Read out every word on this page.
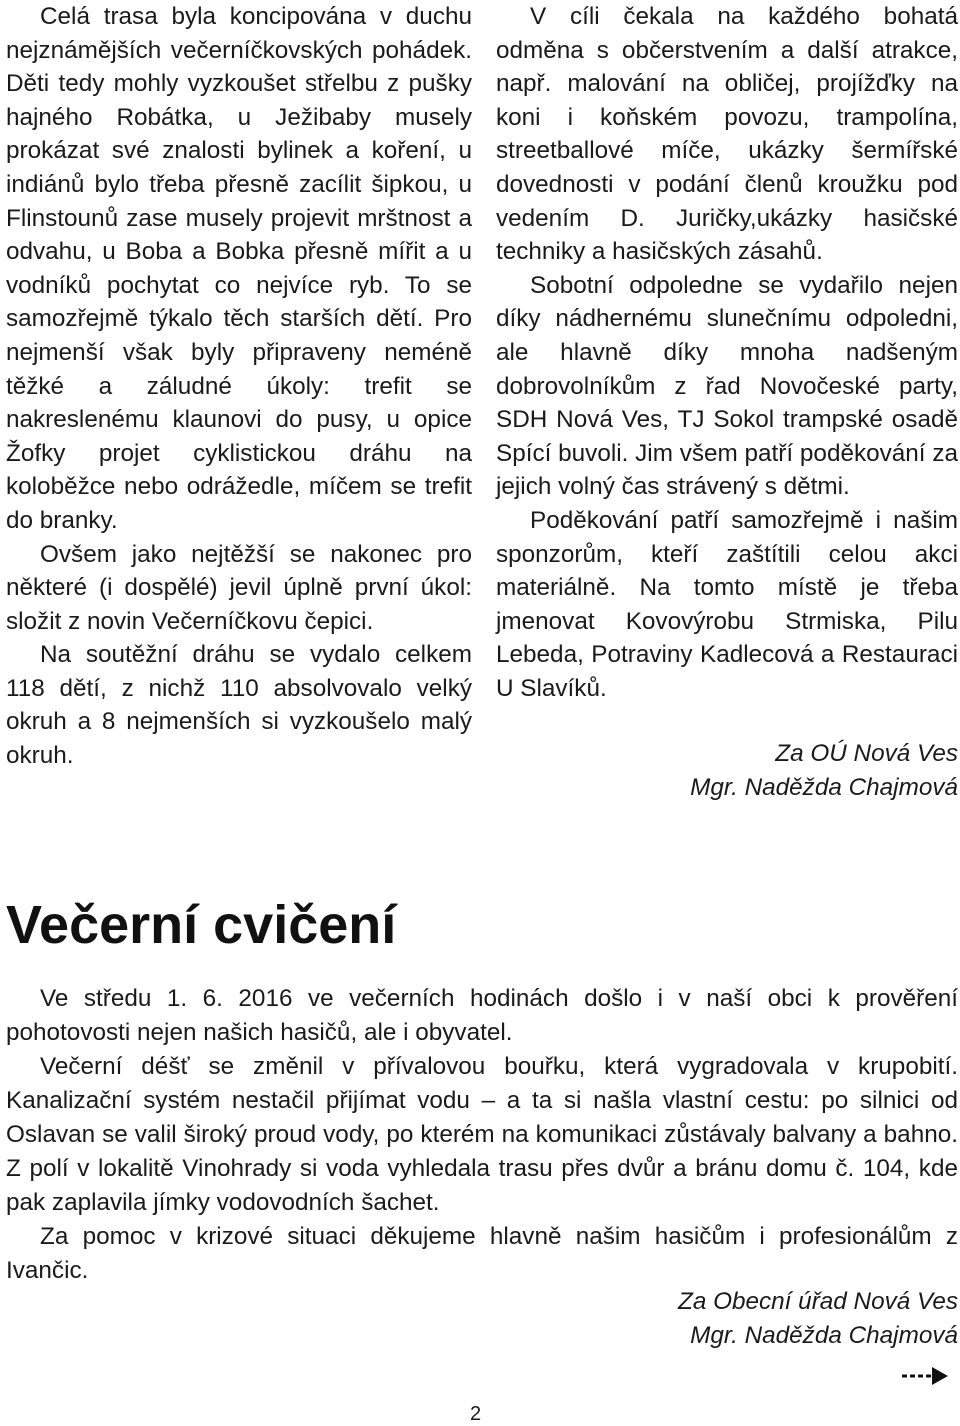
Celá trasa byla koncipována v duchu nejznámějších večerníčkovských pohádek. Děti tedy mohly vyzkoušet střelbu z pušky hajného Robátka, u Ježibaby musely prokázat své znalosti bylinek a koření, u indiánů bylo třeba přesně zacílit šipkou, u Flinstounů zase musely projevit mrštnost a odvahu, u Boba a Bobka přesně mířit a u vodníků pochytat co nejvíce ryb. To se samozřejmě týkalo těch starších dětí. Pro nejmenší však byly připraveny neméně těžké a záludné úkoly: trefit se nakreslenému klaunovi do pusy, u opice Žofky projet cyklistickou dráhu na koloběžce nebo odrážedle, míčem se trefit do branky.

Ovšem jako nejtěžší se nakonec pro některé (i dospělé) jevil úplně první úkol: složit z novin Večerníčkovu čepici.

Na soutěžní dráhu se vydalo celkem 118 dětí, z nichž 110 absolvovalo velký okruh a 8 nejmenších si vyzkoušelo malý okruh.

V cíli čekala na každého bohatá odměna s občerstvením a další atrakce, např. malování na obličej, projížďky na koni i koňském povozu, trampolína, streetballové míče, ukázky šermířské dovednosti v podání členů kroužku pod vedením D. Juričky,ukázky hasičské techniky a hasičských zásahů.

Sobotní odpoledne se vydařilo nejen díky nádhernému slunečnímu odpoledni, ale hlavně díky mnoha nadšeným dobrovolníkům z řad Novočeské party, SDH Nová Ves, TJ Sokol trampské osadě Spící buvoli. Jim všem patří poděkování za jejich volný čas strávený s dětmi.

Poděkování patří samozřejmě i našim sponzorům, kteří zaštítili celou akci materiálně. Na tomto místě je třeba jmenovat Kovovýrobu Strmiska, Pilu Lebeda, Potraviny Kadlecová a Restauraci U Slavíků.

Za OÚ Nová Ves
Mgr. Naděžda Chajmová
Večerní cvičení

Ve středu 1. 6. 2016 ve večerních hodinách došlo i v naší obci k prověření pohotovosti nejen našich hasičů, ale i obyvatel.

Večerní déšť se změnil v přívalovou bouřku, která vygradovala v krupobití. Kanalizační systém nestačil přijímat vodu – a ta si našla vlastní cestu: po silnici od Oslavan se valil široký proud vody, po kterém na komunikaci zůstávaly balvany a bahno. Z polí v lokalitě Vinohrady si voda vyhledala trasu přes dvůr a bránu domu č. 104, kde pak zaplavila jímky vodovodních šachet.

Za pomoc v krizové situaci děkujeme hlavně našim hasičům i profesionálům z Ivančic.

Za Obecní úřad Nová Ves
Mgr. Naděžda Chajmová
2
